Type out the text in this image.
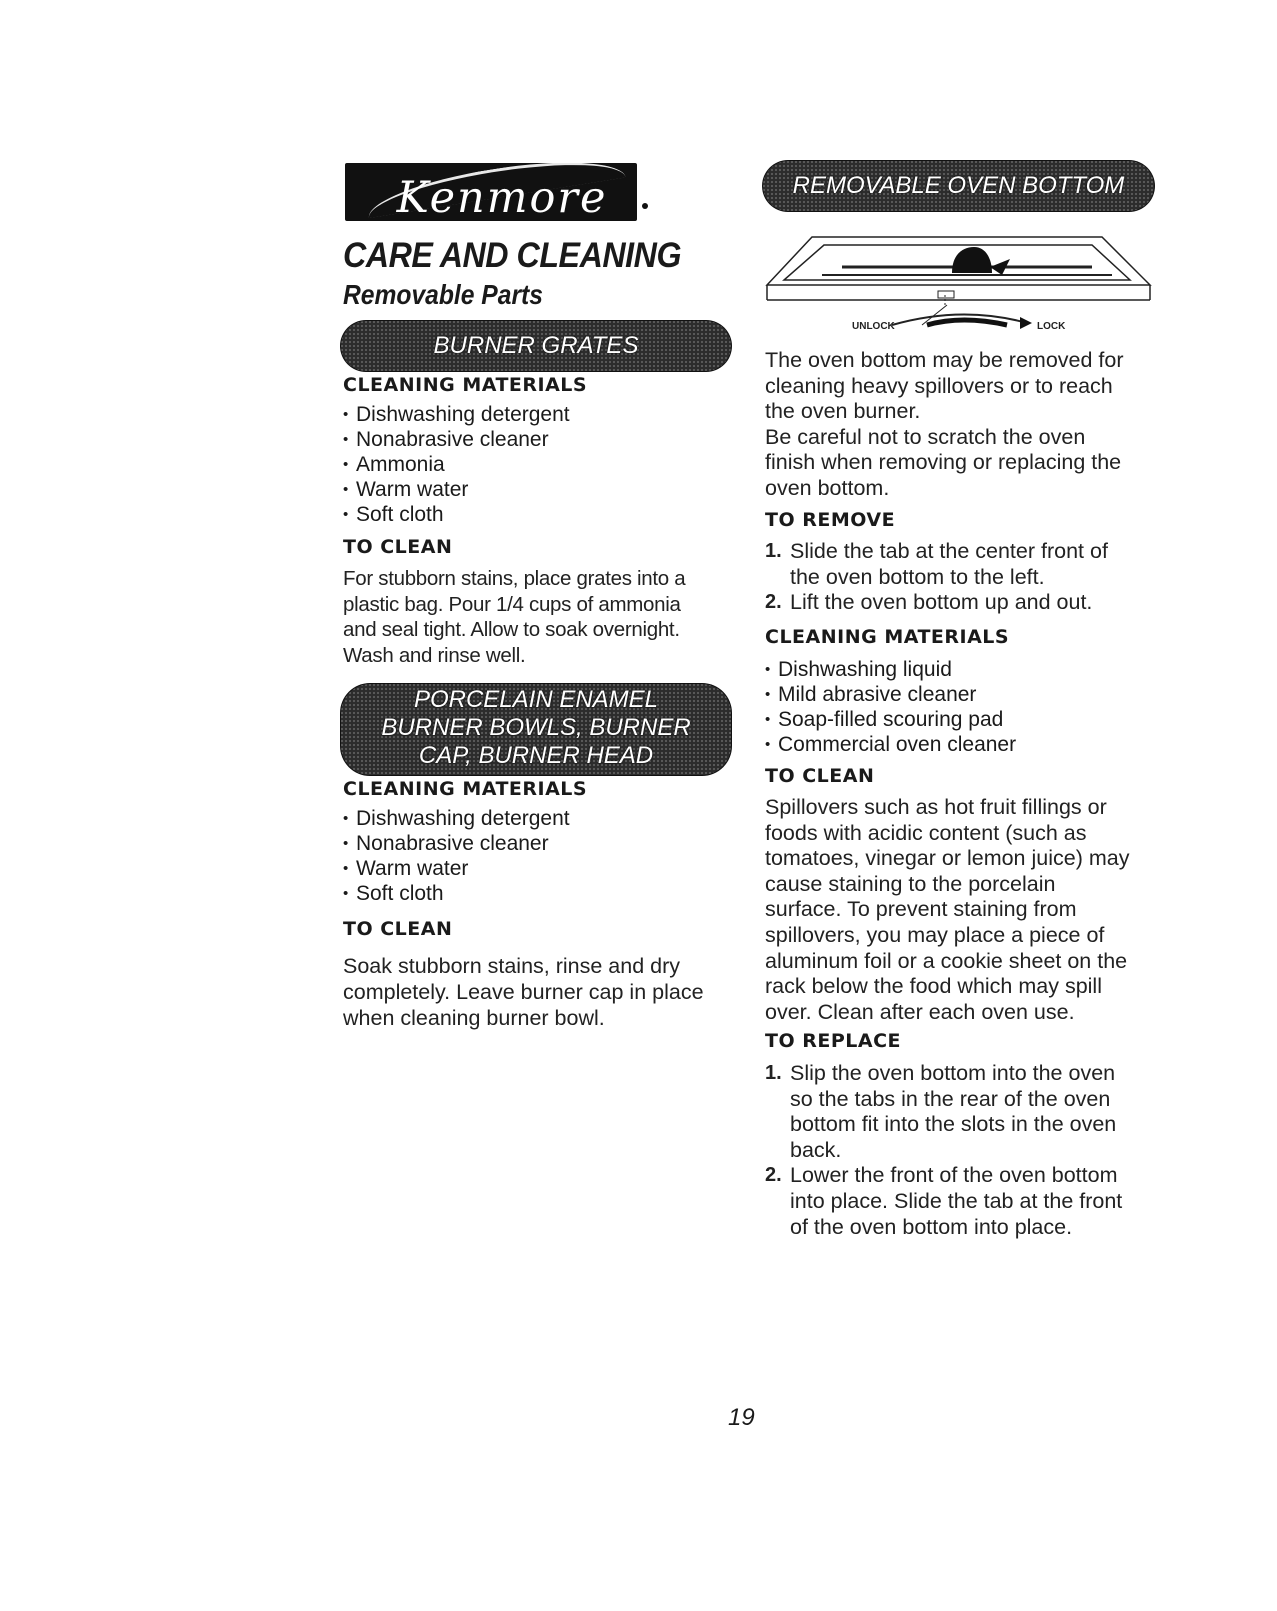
Kenmore
CARE AND CLEANING
Removable Parts
BURNER GRATES
CLEANING MATERIALS
• Dishwashing detergent
• Nonabrasive cleaner
• Ammonia
• Warm water
• Soft cloth
TO CLEAN

For stubborn stains, place grates into a

plastic bag. Pour 1/4 cups of ammonia

and seal tight. Allow to soak overnight.

Wash and rinse well.

PORCELAIN ENAMEL
BURNER BOWLS, BURNER
CAP, BURNER HEAD
CLEANING MATERIALS
• Dishwashing detergent
• Nonabrasive cleaner
• Warm water
• Soft cloth
TO CLEAN

Soak stubborn stains, rinse and dry

completely. Leave burner cap in place

when cleaning burner bowl.

REMOVABLE OVEN BOTTOM
UNLOCK	LOCK

The oven bottom may be removed for

cleaning heavy spillovers or to reach

the oven burner.

Be careful not to scratch the oven

finish when removing or replacing the

oven bottom.

TO REMOVE
1. Slide the tab at the center front of

the oven bottom to the left.

2. Lift the oven bottom up and out.

CLEANING MATERIALS
• Dishwashing liquid
• Mild abrasive cleaner
• Soap-filled scouring pad
• Commercial oven cleaner
TO CLEAN

Spillovers such as hot fruit fillings or

foods with acidic content (such as

tomatoes, vinegar or lemon juice) may

cause staining to the porcelain

surface. To prevent staining from

spillovers, you may place a piece of

aluminum foil or a cookie sheet on the

rack below the food which may spill

over. Clean after each oven use.

TO REPLACE
1. Slip the oven bottom into the oven

so the tabs in the rear of the oven

bottom fit into the slots in the oven

back.

2. Lower the front of the oven bottom

into place. Slide the tab at the front

of the oven bottom into place.

19
